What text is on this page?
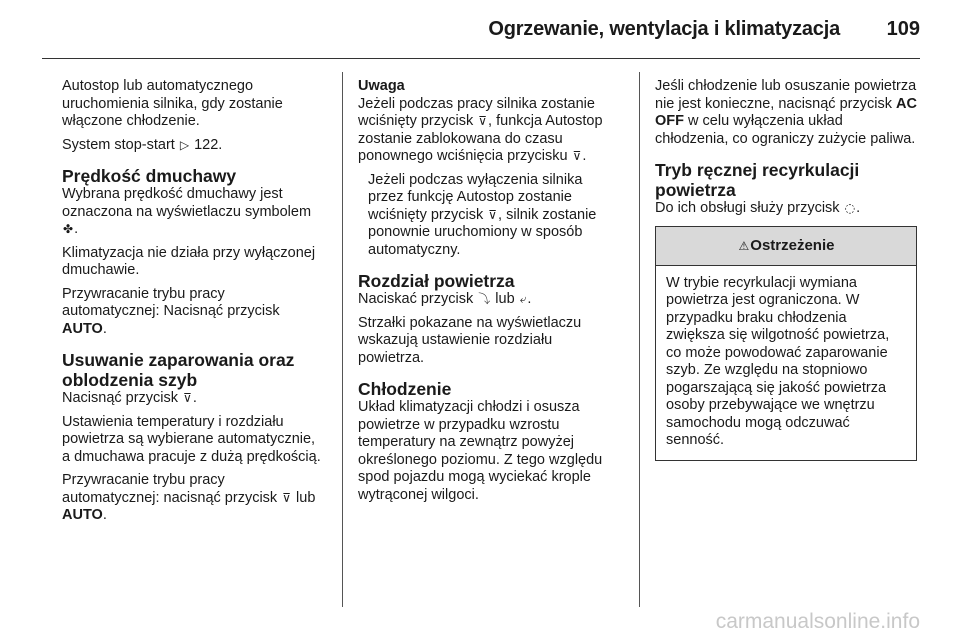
Ogrzewanie, wentylacja i klimatyzacja 109

Autostop lub automatycznego uruchomienia silnika, gdy zostanie włączone chłodzenie.

System stop-start ▷ 122.

Prędkość dmuchawy

Wybrana prędkość dmuchawy jest oznaczona na wyświetlaczu symbolem ✤.

Klimatyzacja nie działa przy wyłączonej dmuchawie.

Przywracanie trybu pracy automatycznej: Nacisnąć przycisk AUTO.

Usuwanie zaparowania oraz oblodzenia szyb

Nacisnąć przycisk ⊽.

Ustawienia temperatury i rozdziału powietrza są wybierane automatycznie, a dmuchawa pracuje z dużą prędkością.

Przywracanie trybu pracy automatycznej: nacisnąć przycisk ⊽ lub AUTO.

Uwaga

Jeżeli podczas pracy silnika zostanie wciśnięty przycisk ⊽, funkcja Autostop zostanie zablokowana do czasu ponownego wciśnięcia przycisku ⊽.

Jeżeli podczas wyłączenia silnika przez funkcję Autostop zostanie wciśnięty przycisk ⊽, silnik zostanie ponownie uruchomiony w sposób automatyczny.

Rozdział powietrza

Naciskać przycisk ⤵ lub ⤶.

Strzałki pokazane na wyświetlaczu wskazują ustawienie rozdziału powietrza.

Chłodzenie

Układ klimatyzacji chłodzi i osusza powietrze w przypadku wzrostu temperatury na zewnątrz powyżej określonego poziomu. Z tego względu spod pojazdu mogą wyciekać krople wytrąconej wilgoci.

Jeśli chłodzenie lub osuszanie powietrza nie jest konieczne, nacisnąć przycisk AC OFF w celu wyłączenia układ chłodzenia, co ograniczy zużycie paliwa.

Tryb ręcznej recyrkulacji powietrza

Do ich obsługi służy przycisk ◌.

⚠Ostrzeżenie
W trybie recyrkulacji wymiana powietrza jest ograniczona. W przypadku braku chłodzenia zwiększa się wilgotność powietrza, co może powodować zaparowanie szyb. Ze względu na stopniowo pogarszającą się jakość powietrza osoby przebywające we wnętrzu samochodu mogą odczuwać senność.
carmanualsonline.info
